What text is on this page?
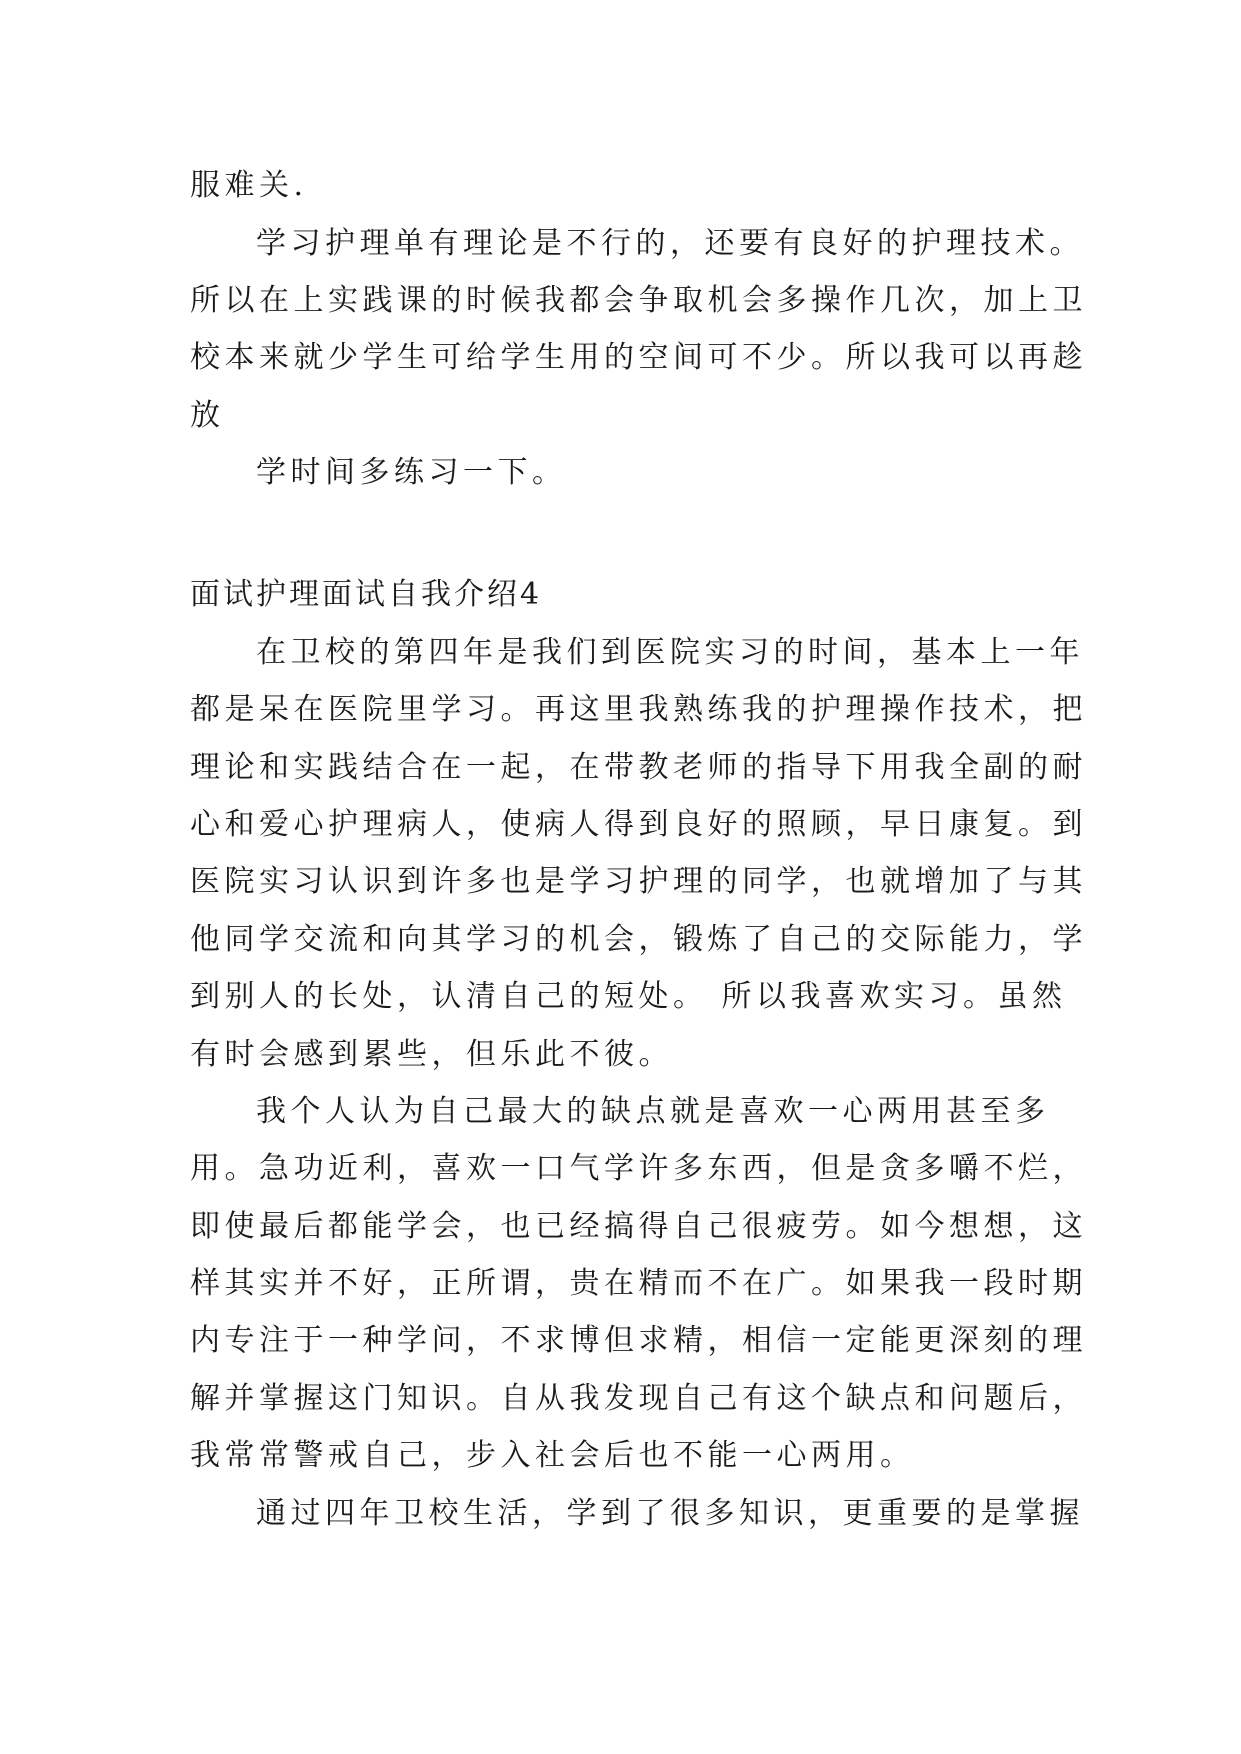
服难关.

学习护理单有理论是不行的，还要有良好的护理技术。

所以在上实践课的时候我都会争取机会多操作几次，加上卫

校本来就少学生可给学生用的空间可不少。所以我可以再趁

放

学时间多练习一下。

面试护理面试自我介绍4

在卫校的第四年是我们到医院实习的时间，基本上一年

都是呆在医院里学习。再这里我熟练我的护理操作技术，把

理论和实践结合在一起，在带教老师的指导下用我全副的耐

心和爱心护理病人，使病人得到良好的照顾，早日康复。到

医院实习认识到许多也是学习护理的同学，也就增加了与其

他同学交流和向其学习的机会，锻炼了自己的交际能力，学

到别人的长处，认清自己的短处。 所以我喜欢实习。虽然

有时会感到累些，但乐此不彼。

我个人认为自己最大的缺点就是喜欢一心两用甚至多

用。急功近利，喜欢一口气学许多东西，但是贪多嚼不烂，

即使最后都能学会，也已经搞得自己很疲劳。如今想想，这

样其实并不好，正所谓，贵在精而不在广。如果我一段时期

内专注于一种学问，不求博但求精，相信一定能更深刻的理

解并掌握这门知识。自从我发现自己有这个缺点和问题后，

我常常警戒自己，步入社会后也不能一心两用。

通过四年卫校生活，学到了很多知识，更重要的是掌握
